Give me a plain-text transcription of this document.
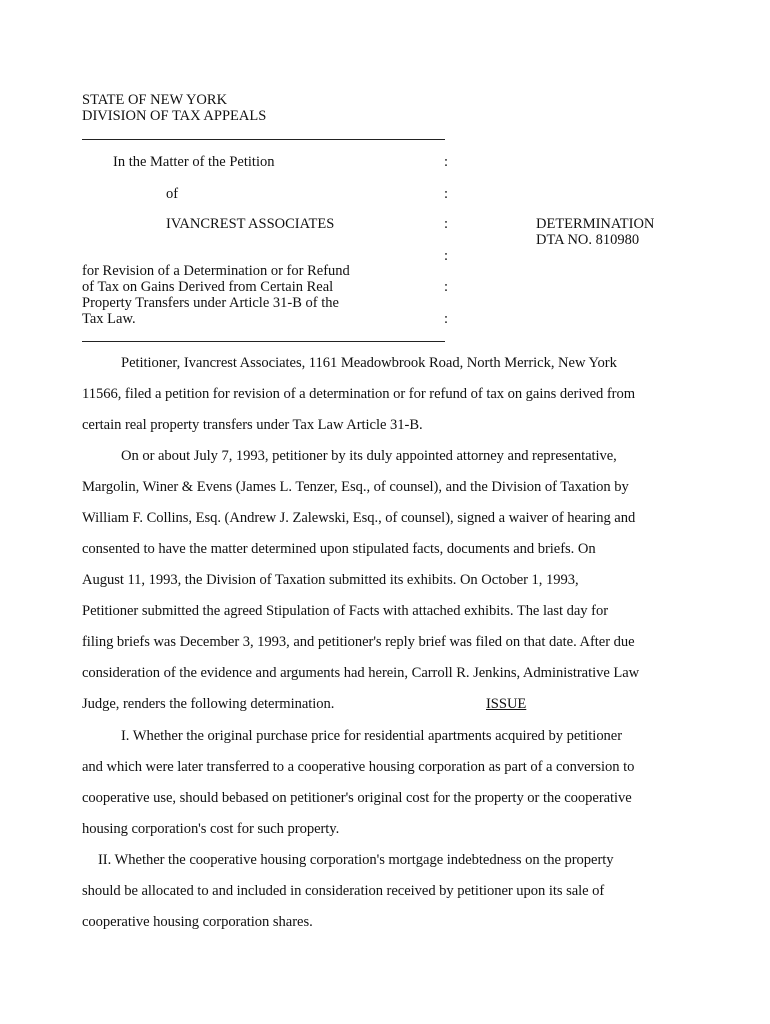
STATE OF NEW YORK
DIVISION OF TAX APPEALS
In the Matter of the Petition
of
IVANCREST ASSOCIATES
for Revision of a Determination or for Refund
of Tax on Gains Derived from Certain Real
Property Transfers under Article 31-B of the
Tax Law.
:
:
:
:
:
:
DETERMINATION
DTA NO. 810980
Petitioner, Ivancrest Associates, 1161 Meadowbrook Road, North Merrick, New York
11566, filed a petition for revision of a determination or for refund of tax on gains derived from
certain real property transfers under Tax Law Article 31-B.
On or about July 7, 1993, petitioner by its duly appointed attorney and representative,
Margolin, Winer & Evens (James L. Tenzer, Esq., of counsel), and the Division of Taxation by
William F. Collins, Esq. (Andrew J. Zalewski, Esq., of counsel), signed a waiver of hearing and
consented to have the matter determined upon stipulated facts, documents and briefs. On
August 11, 1993, the Division of Taxation submitted its exhibits. On October 1, 1993,
Petitioner submitted the agreed Stipulation of Facts with attached exhibits. The last day for
filing briefs was December 3, 1993, and petitioner's reply brief was filed on that date. After due
consideration of the evidence and arguments had herein, Carroll R. Jenkins, Administrative Law
Judge, renders the following determination.	ISSUE
I. Whether the original purchase price for residential apartments acquired by petitioner
and which were later transferred to a cooperative housing corporation as part of a conversion to
cooperative use, should bebased on petitioner's original cost for the property or the cooperative
housing corporation's cost for such property.
II. Whether the cooperative housing corporation's mortgage indebtedness on the property
should be allocated to and included in consideration received by petitioner upon its sale of
cooperative housing corporation shares.
